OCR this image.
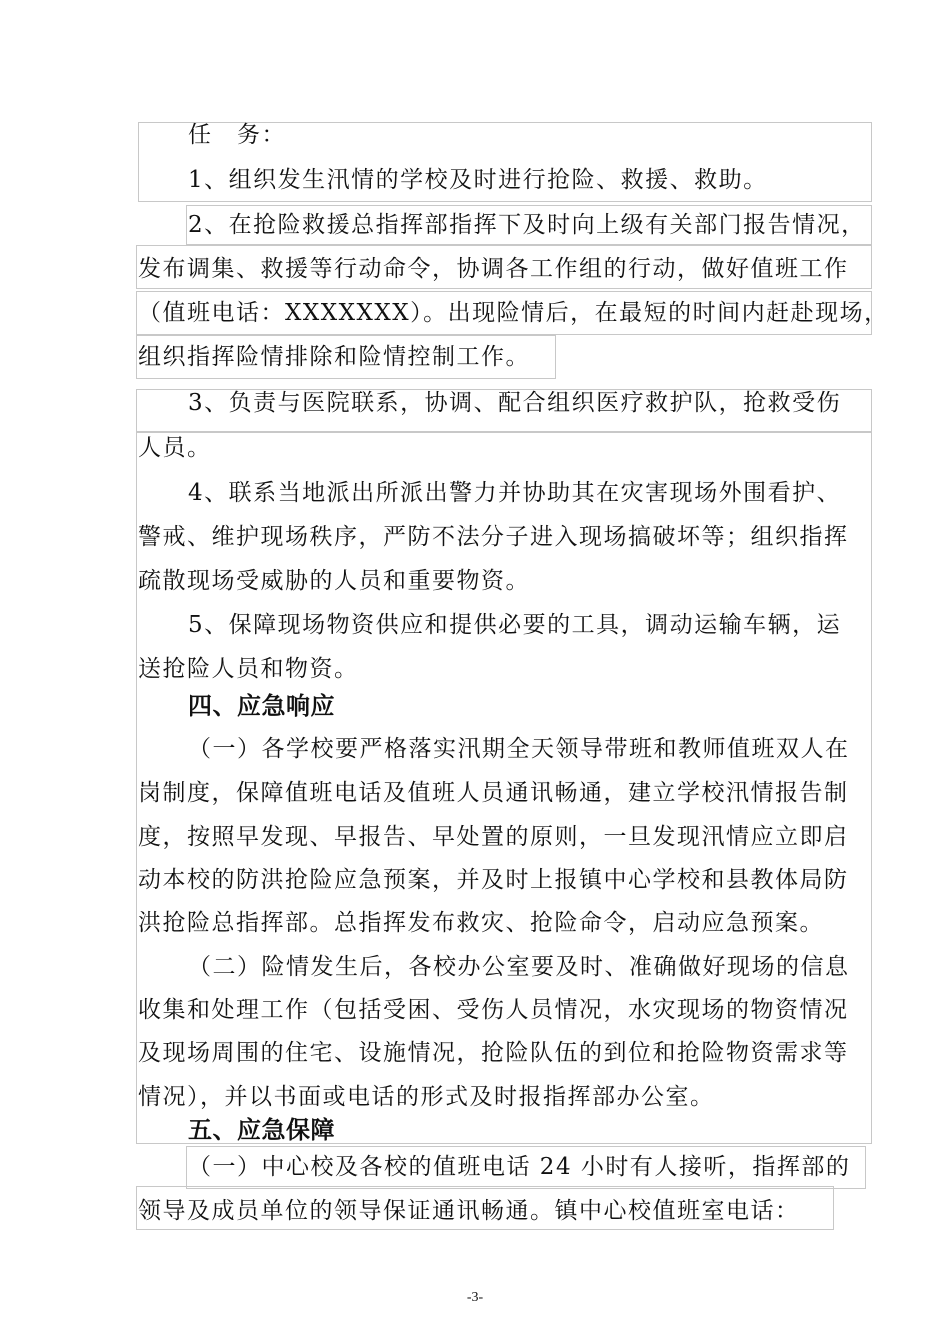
任　务：
1、组织发生汛情的学校及时进行抢险、救援、救助。
2、在抢险救援总指挥部指挥下及时向上级有关部门报告情况，
发布调集、救援等行动命令，协调各工作组的行动，做好值班工作
（值班电话：XXXXXXX）。出现险情后，在最短的时间内赶赴现场，
组织指挥险情排除和险情控制工作。
3、负责与医院联系，协调、配合组织医疗救护队，抢救受伤
人员。
4、联系当地派出所派出警力并协助其在灾害现场外围看护、
警戒、维护现场秩序，严防不法分子进入现场搞破坏等；组织指挥
疏散现场受威胁的人员和重要物资。
5、保障现场物资供应和提供必要的工具，调动运输车辆，运
送抢险人员和物资。
四、应急响应
（一）各学校要严格落实汛期全天领导带班和教师值班双人在
岗制度，保障值班电话及值班人员通讯畅通，建立学校汛情报告制
度，按照早发现、早报告、早处置的原则，一旦发现汛情应立即启
动本校的防洪抢险应急预案，并及时上报镇中心学校和县教体局防
洪抢险总指挥部。总指挥发布救灾、抢险命令，启动应急预案。
（二）险情发生后，各校办公室要及时、准确做好现场的信息
收集和处理工作（包括受困、受伤人员情况，水灾现场的物资情况
及现场周围的住宅、设施情况，抢险队伍的到位和抢险物资需求等
情况），并以书面或电话的形式及时报指挥部办公室。
五、应急保障
（一）中心校及各校的值班电话 24 小时有人接听，指挥部的
领导及成员单位的领导保证通讯畅通。镇中心校值班室电话：
-3-
